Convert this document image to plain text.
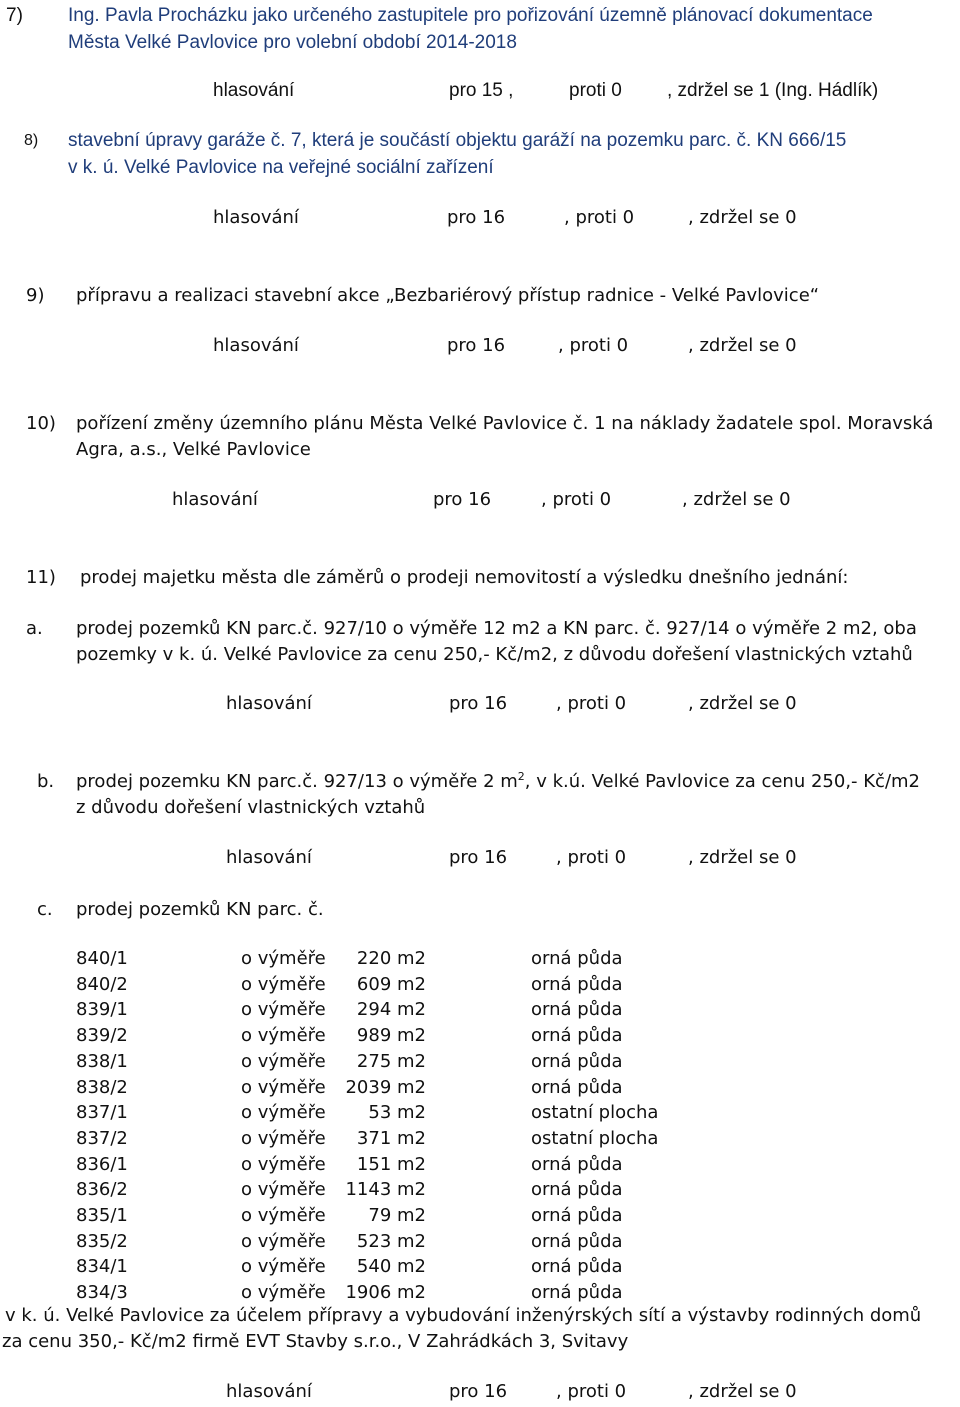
7) Ing. Pavla Procházku jako určeného zastupitele pro pořizování územně plánovací dokumentace
Města Velké Pavlovice pro volební období 2014-2018
hlasování	pro 15 ,	proti 0 , zdržel se 1 (Ing. Hádlík)
8) stavební úpravy garáže č. 7, která je součástí objektu garáží na pozemku parc. č. KN 666/15
v k. ú. Velké Pavlovice na veřejné sociální zařízení
hlasování	pro 16	, proti 0	, zdržel se 0
9) přípravu a realizaci stavební akce „Bezbariérový přístup radnice - Velké Pavlovice“
hlasování	pro 16	, proti 0	, zdržel se 0
10) pořízení změny územního plánu Města Velké Pavlovice č. 1 na náklady žadatele spol. Moravská
Agra, a.s., Velké Pavlovice
hlasování	pro 16	, proti 0	, zdržel se 0
11) prodej majetku města dle záměrů o prodeji nemovitostí a výsledku dnešního jednání:
a. prodej pozemků KN parc.č. 927/10 o výměře 12 m2 a KN parc. č. 927/14 o výměře 2 m2, oba
pozemky v k. ú. Velké Pavlovice za cenu 250,- Kč/m2, z důvodu dořešení vlastnických vztahů
hlasování	pro 16	, proti 0	, zdržel se 0
b. prodej pozemku KN parc.č. 927/13 o výměře 2 $m^2$, v k.ú. Velké Pavlovice za cenu 250,- Kč/m2
z důvodu dořešení vlastnických vztahů
hlasování	pro 16	, proti 0	, zdržel se 0
c. prodej pozemků KN parc. č.
840/1	o výměře 220 m2	orná půda
840/2	o výměře 609 m2	orná půda
839/1	o výměře 294 m2	orná půda
839/2	o výměře 989 m2	orná půda
838/1	o výměře 275 m2	orná půda
838/2	o výměře 2039 m2	orná půda
837/1	o výměře 53 m2	ostatní plocha
837/2	o výměře 371 m2	ostatní plocha
836/1	o výměře 151 m2	orná půda
836/2	o výměře 1143 m2	orná půda
835/1	o výměře 79 m2	orná půda
835/2	o výměře 523 m2	orná půda
834/1	o výměře 540 m2	orná půda
834/3	o výměře 1906 m2	orná půda
v k. ú. Velké Pavlovice za účelem přípravy a vybudování inženýrských sítí a výstavby rodinných domů
za cenu 350,- Kč/m2 firmě EVT Stavby s.r.o., V Zahrádkách 3, Svitavy
hlasování	pro 16	, proti 0	, zdržel se 0
